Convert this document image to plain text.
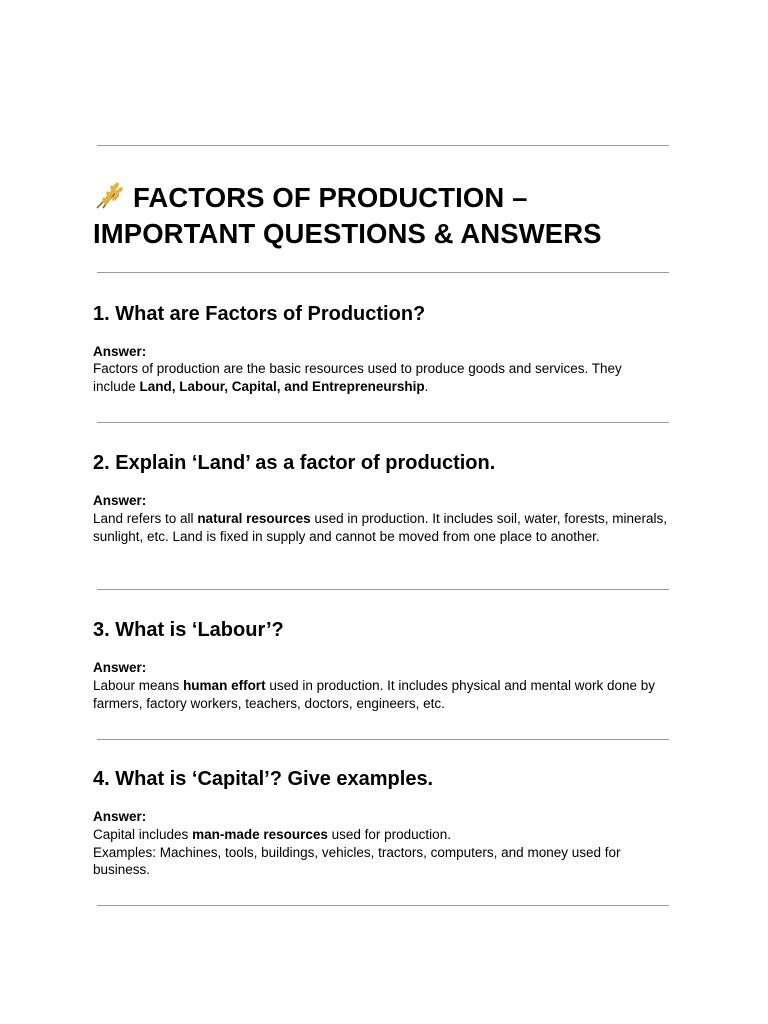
FACTORS OF PRODUCTION –
IMPORTANT QUESTIONS & ANSWERS
1. What are Factors of Production?
Answer:
Factors of production are the basic resources used to produce goods and services. They include Land, Labour, Capital, and Entrepreneurship.
2. Explain ‘Land’ as a factor of production.
Answer:
Land refers to all natural resources used in production. It includes soil, water, forests, minerals, sunlight, etc. Land is fixed in supply and cannot be moved from one place to another.
3. What is ‘Labour’?
Answer:
Labour means human effort used in production. It includes physical and mental work done by farmers, factory workers, teachers, doctors, engineers, etc.
4. What is ‘Capital’? Give examples.
Answer:
Capital includes man-made resources used for production.
Examples: Machines, tools, buildings, vehicles, tractors, computers, and money used for business.
